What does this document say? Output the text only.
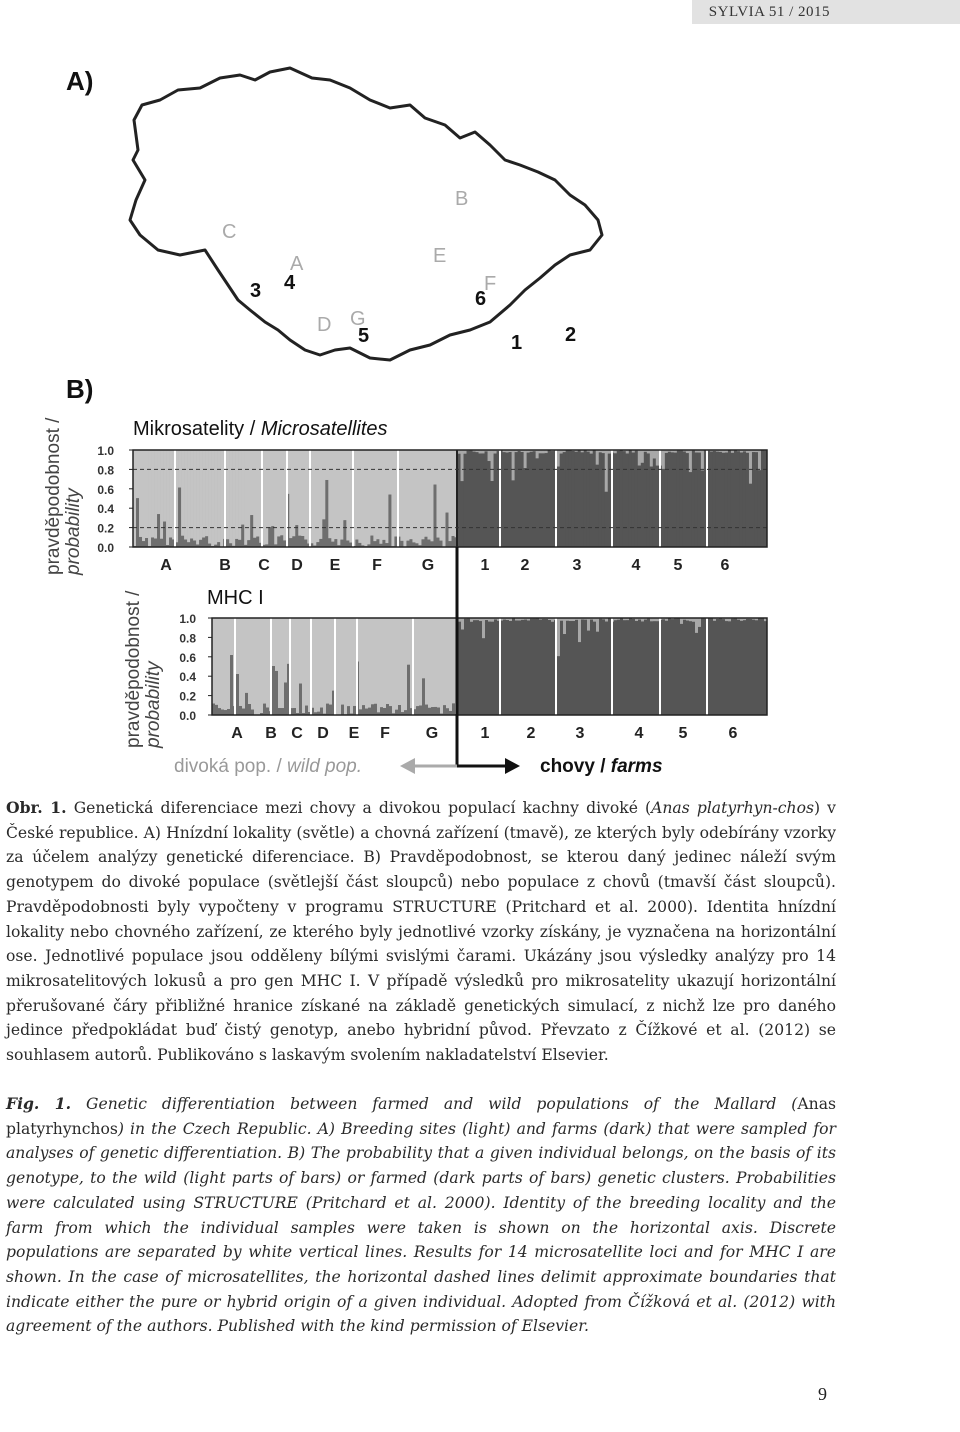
SYLVIA 51 / 2015
A)
A
B
C
D
E
F
G
1 2
3 4
5
6
B)
pravděpodobnost /
probability
pravděpodobnost /
probability
Mikrosatelity / Microsatellites
MHC I
1.0
0.8
0.6
0.4
0.2
0.0
A	B C D E F G	1 2	3	4 5 6
1.0
0.8
0.6
0.4
0.2
0.0
A B C D E F G	1 2	3	4 5	6
divoká pop. / wild pop.	chovy / farms
Obr. 1. Genetická diferenciace mezi chovy a divokou populací kachny divoké (Anas platyrhyn-chos) v České republice. A) Hnízdní lokality (světle) a chovná zařízení (tmavě), ze kterých byly odebírány vzorky za účelem analýzy genetické diferenciace. B) Pravděpodobnost, se kterou daný jedinec náleží svým genotypem do divoké populace (světlejší část sloupců) nebo populace z chovů (tmavší část sloupců). Pravděpodobnosti byly vypočteny v programu STRUCTURE (Pritchard et al. 2000). Identita hnízdní lokality nebo chovného zařízení, ze kterého byly jednotlivé vzorky získány, je vyznačena na horizontální ose. Jednotlivé populace jsou odděleny bílými svislými čarami. Ukázány jsou výsledky analýzy pro 14 mikrosatelitových lokusů a pro gen MHC I. V případě výsledků pro mikrosatelity ukazují horizontální přerušované čáry přibližné hranice získané na základě genetických simulací, z nichž lze pro daného jedince předpokládat buď čistý genotyp, anebo hybridní původ. Převzato z Čížkové et al. (2012) se souhlasem autorů. Publikováno s laskavým svolením nakladatelství Elsevier.
Fig. 1. Genetic differentiation between farmed and wild populations of the Mallard (Anas platyrhynchos) in the Czech Republic. A) Breeding sites (light) and farms (dark) that were sampled for analyses of genetic differentiation. B) The probability that a given individual belongs, on the basis of its genotype, to the wild (light parts of bars) or farmed (dark parts of bars) genetic clusters. Probabilities were calculated using STRUCTURE (Pritchard et al. 2000). Identity of the breeding locality and the farm from which the individual samples were taken is shown on the horizontal axis. Discrete populations are separated by white vertical lines. Results for 14 microsatellite loci and for MHC I are shown. In the case of microsatellites, the horizontal dashed lines delimit approximate boundaries that indicate either the pure or hybrid origin of a given individual. Adopted from Čížková et al. (2012) with agreement of the authors. Published with the kind permission of Elsevier.
9
